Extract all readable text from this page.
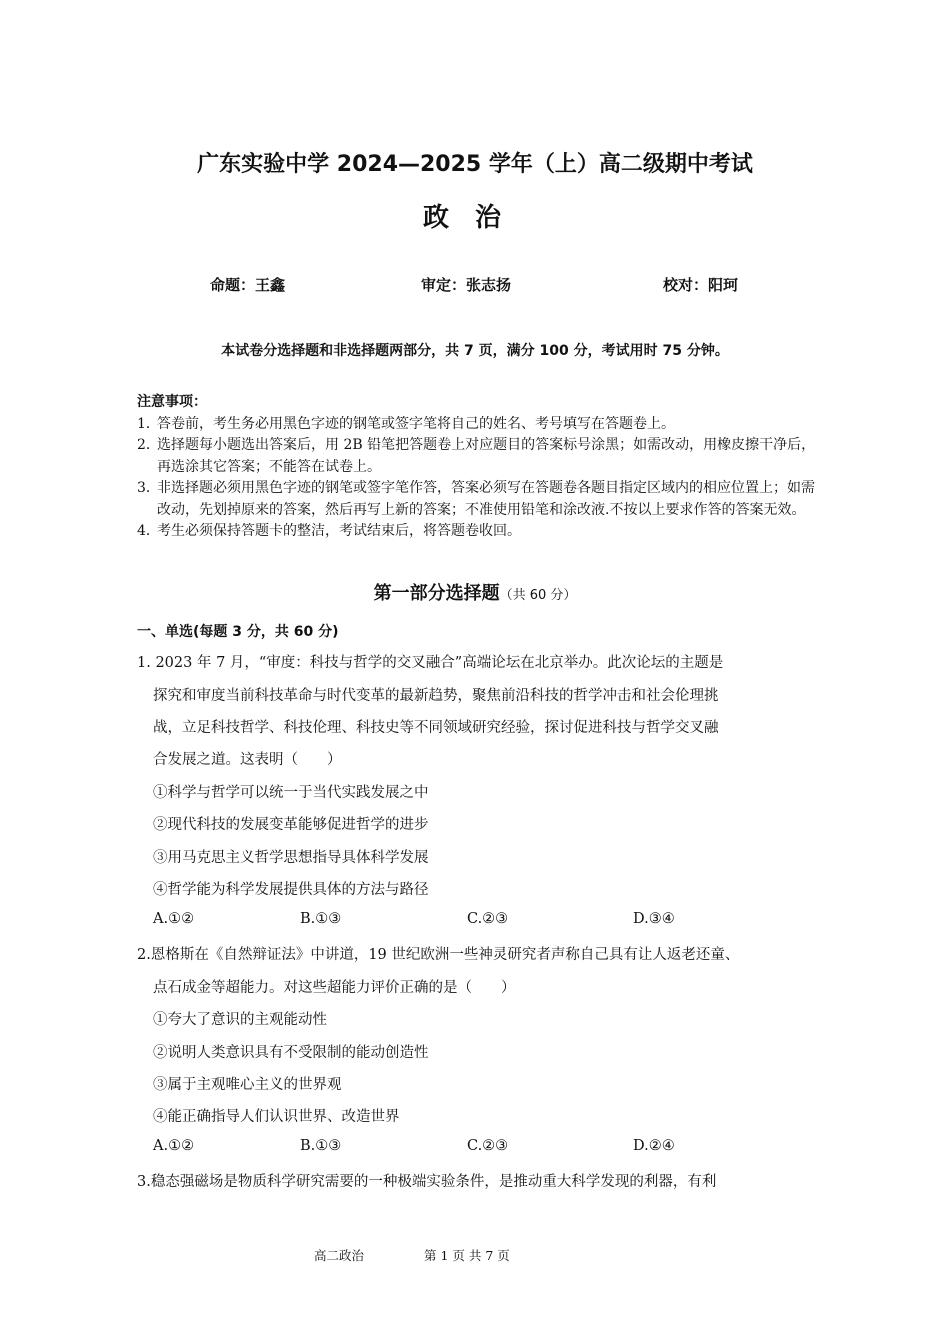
广东实验中学 2024—2025 学年（上）高二级期中考试
政治
命题：王鑫	审定：张志扬	校对：阳珂
本试卷分选择题和非选择题两部分，共 7 页，满分 100 分，考试用时 75 分钟。
注意事项：
1．
答卷前，考生务必用黑色字迹的钢笔或签字笔将自己的姓名、考号填写在答题卷上。
2．
选择题每小题选出答案后，用 2B 铅笔把答题卷上对应题目的答案标号涂黑；如需改动，用橡皮擦干净后，再选涂其它答案；不能答在试卷上。
3．
非选择题必须用黑色字迹的钢笔或签字笔作答，答案必须写在答题卷各题目指定区域内的相应位置上；如需改动，先划掉原来的答案，然后再写上新的答案；不准使用铅笔和涂改液.不按以上要求作答的答案无效。
4．
考生必须保持答题卡的整洁，考试结束后，将答题卷收回。
第一部分选择题（共 60 分）
一、单选(每题 3 分，共 60 分)
1. 2023 年 7 月，“审度：科技与哲学的交叉融合”高端论坛在北京举办。此次论坛的主题是
探究和审度当前科技革命与时代变革的最新趋势，聚焦前沿科技的哲学冲击和社会伦理挑
战，立足科技哲学、科技伦理、科技史等不同领域研究经验，探讨促进科技与哲学交叉融
合发展之道。这表明（　　）
①科学与哲学可以统一于当代实践发展之中
②现代科技的发展变革能够促进哲学的进步
③用马克思主义哲学思想指导具体科学发展
④哲学能为科学发展提供具体的方法与路径
A.①②	B.①③	C.②③	D.③④
2.恩格斯在《自然辩证法》中讲道，19 世纪欧洲一些神灵研究者声称自己具有让人返老还童、
点石成金等超能力。对这些超能力评价正确的是（　　）
①夸大了意识的主观能动性
②说明人类意识具有不受限制的能动创造性
③属于主观唯心主义的世界观
④能正确指导人们认识世界、改造世界
A.①②	B.①③	C.②③	D.②④
3.稳态强磁场是物质科学研究需要的一种极端实验条件，是推动重大科学发现的利器，有利
高二政治	第 1 页 共 7 页
